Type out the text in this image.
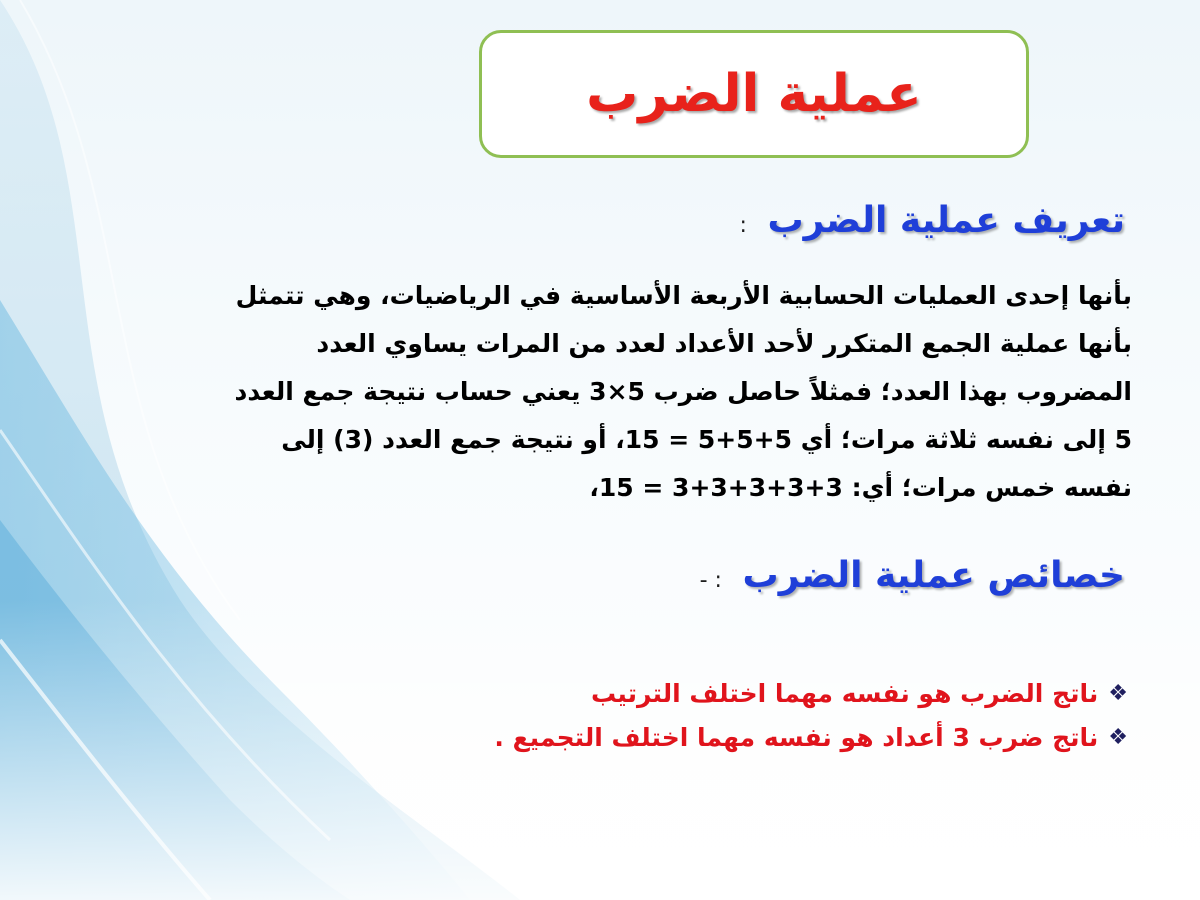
عملية الضرب
تعريف عملية الضرب :
بأنها إحدى العمليات الحسابية الأربعة الأساسية في الرياضيات، وهي تتمثل
بأنها عملية الجمع المتكرر لأحد الأعداد لعدد من المرات يساوي العدد
المضروب بهذا العدد؛ فمثلاً حاصل ضرب 5×3 يعني حساب نتيجة جمع العدد
5 إلى نفسه ثلاثة مرات؛ أي 5+5+5 = 15، أو نتيجة جمع العدد (3) إلى
نفسه خمس مرات؛ أي: 3+3+3+3+3 = 15،
خصائص عملية الضرب : -
❖
ناتج الضرب هو نفسه مهما اختلف الترتيب
❖
ناتج ضرب 3 أعداد هو نفسه مهما اختلف التجميع .
